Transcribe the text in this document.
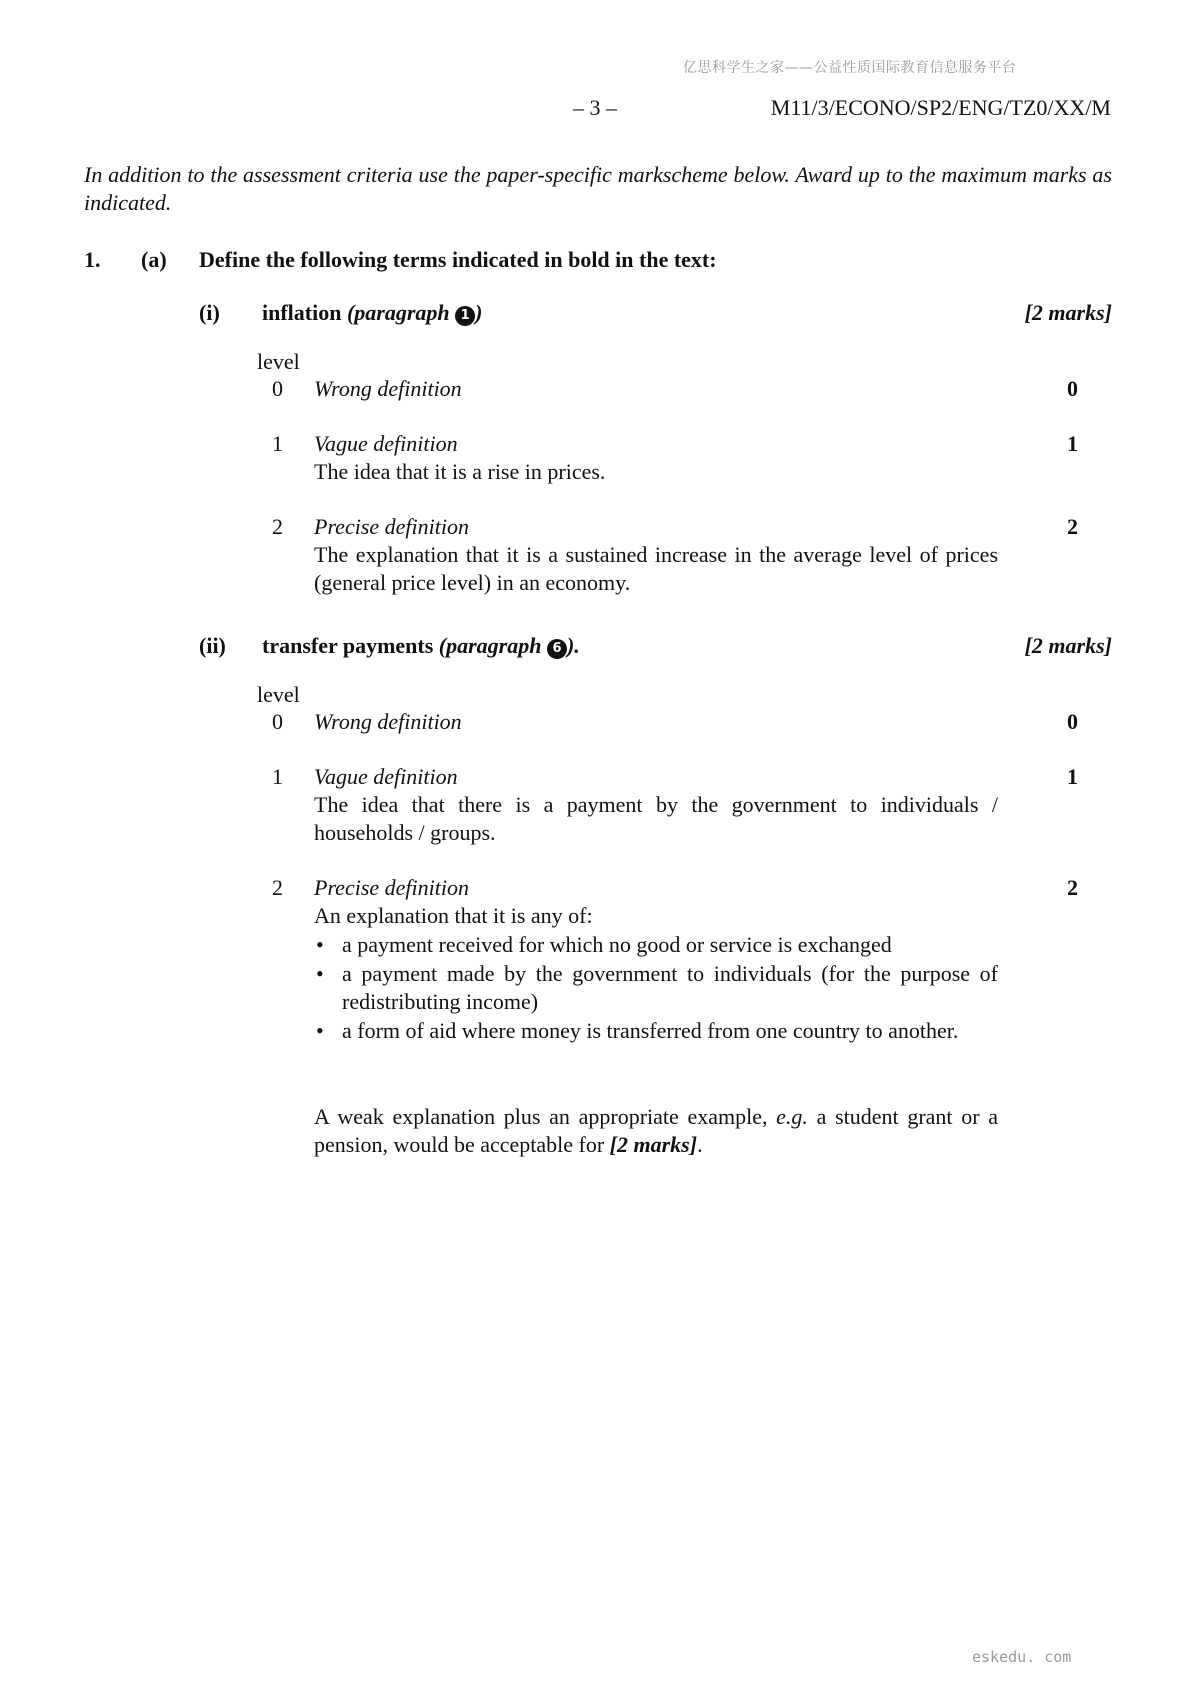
亿思科学生之家——公益性质国际教育信息服务平台
– 3 –	M11/3/ECONO/SP2/ENG/TZ0/XX/M
In addition to the assessment criteria use the paper-specific markscheme below. Award up to the maximum marks as indicated.
1. (a) Define the following terms indicated in bold in the text:
(i) inflation (paragraph 1 )	[2 marks]
level
0 Wrong definition	0
1 Vague definition	1
The idea that it is a rise in prices.
2 Precise definition	2
The explanation that it is a sustained increase in the average level of prices (general price level) in an economy.
(ii) transfer payments (paragraph 6 ).	[2 marks]
level
0 Wrong definition	0
1 Vague definition	1
The idea that there is a payment by the government to individuals / households / groups.
2 Precise definition	2
An explanation that it is any of:
• a payment received for which no good or service is exchanged
• a payment made by the government to individuals (for the purpose of redistributing income)
• a form of aid where money is transferred from one country to another.
A weak explanation plus an appropriate example, e.g. a student grant or a pension, would be acceptable for [2 marks].
eskedu. com
